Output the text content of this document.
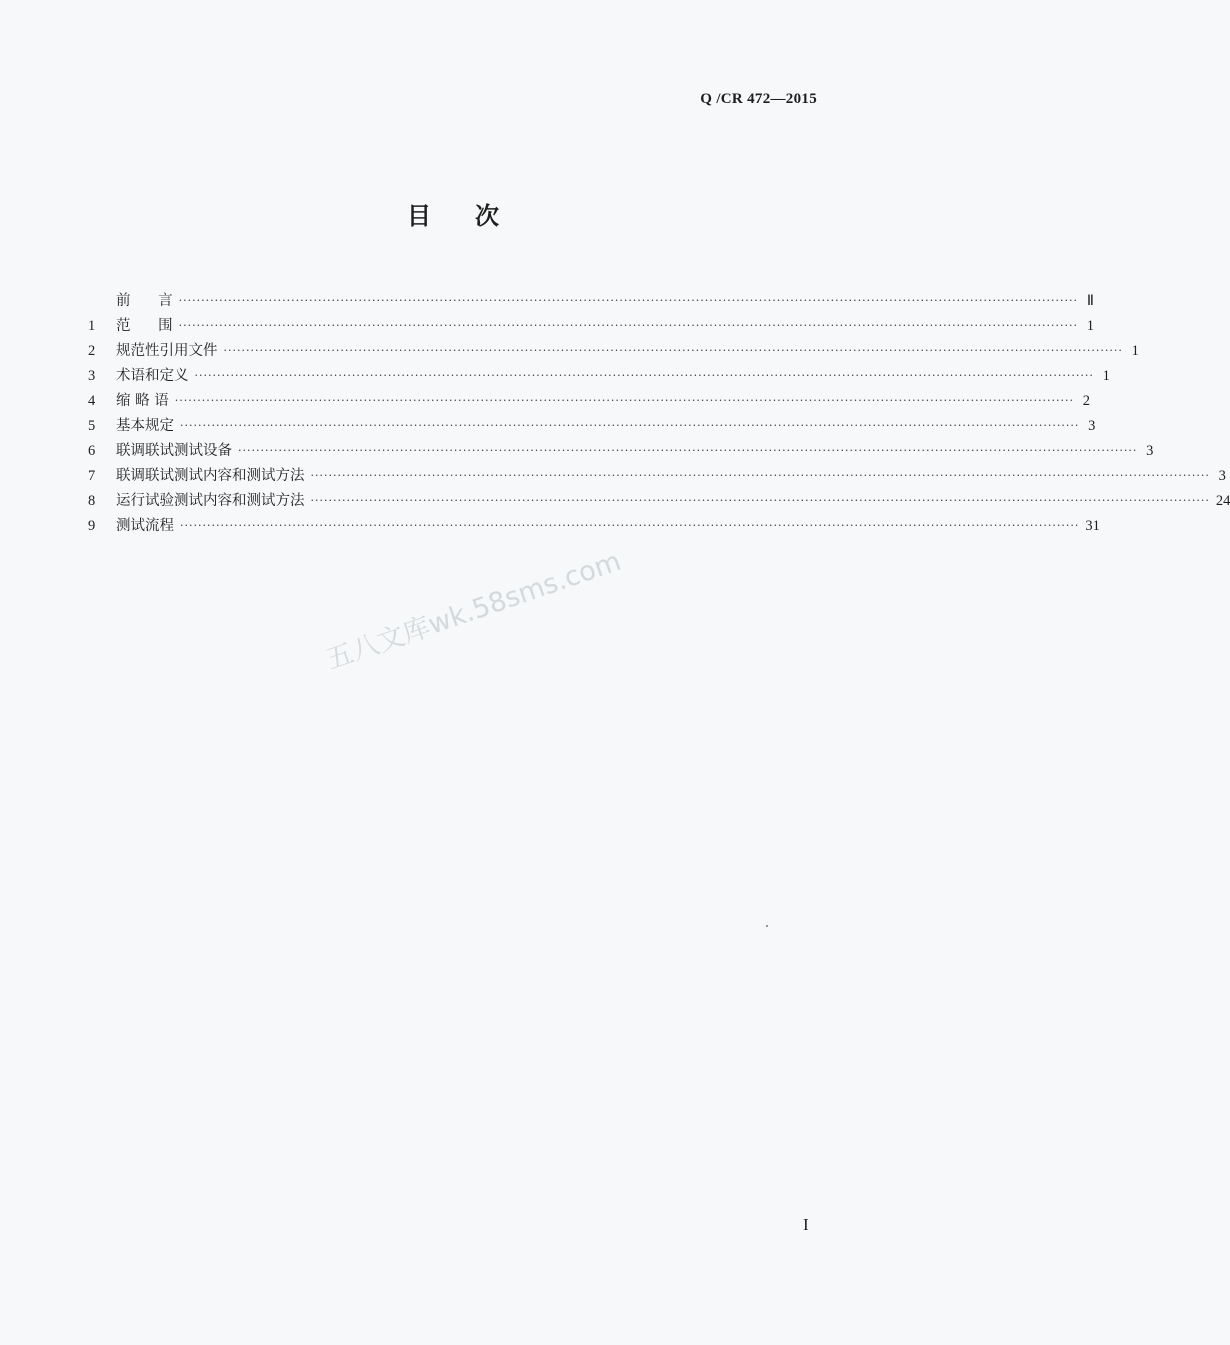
Q /CR 472—2015
目次
前      言 ········································································································································································································ Ⅱ
1	范      围 ········································································································································································································ 1
2	规范性引用文件 ········································································································································································································ 1
3	术语和定义 ········································································································································································································ 1
4	缩 略 语 ········································································································································································································ 2
5	基本规定 ········································································································································································································ 3
6	联调联试测试设备 ········································································································································································································ 3
7	联调联试测试内容和测试方法 ········································································································································································································ 3
8	运行试验测试内容和测试方法 ········································································································································································································ 24
9	测试流程 ········································································································································································································ 31
五八文库wk.58sms.com
I
